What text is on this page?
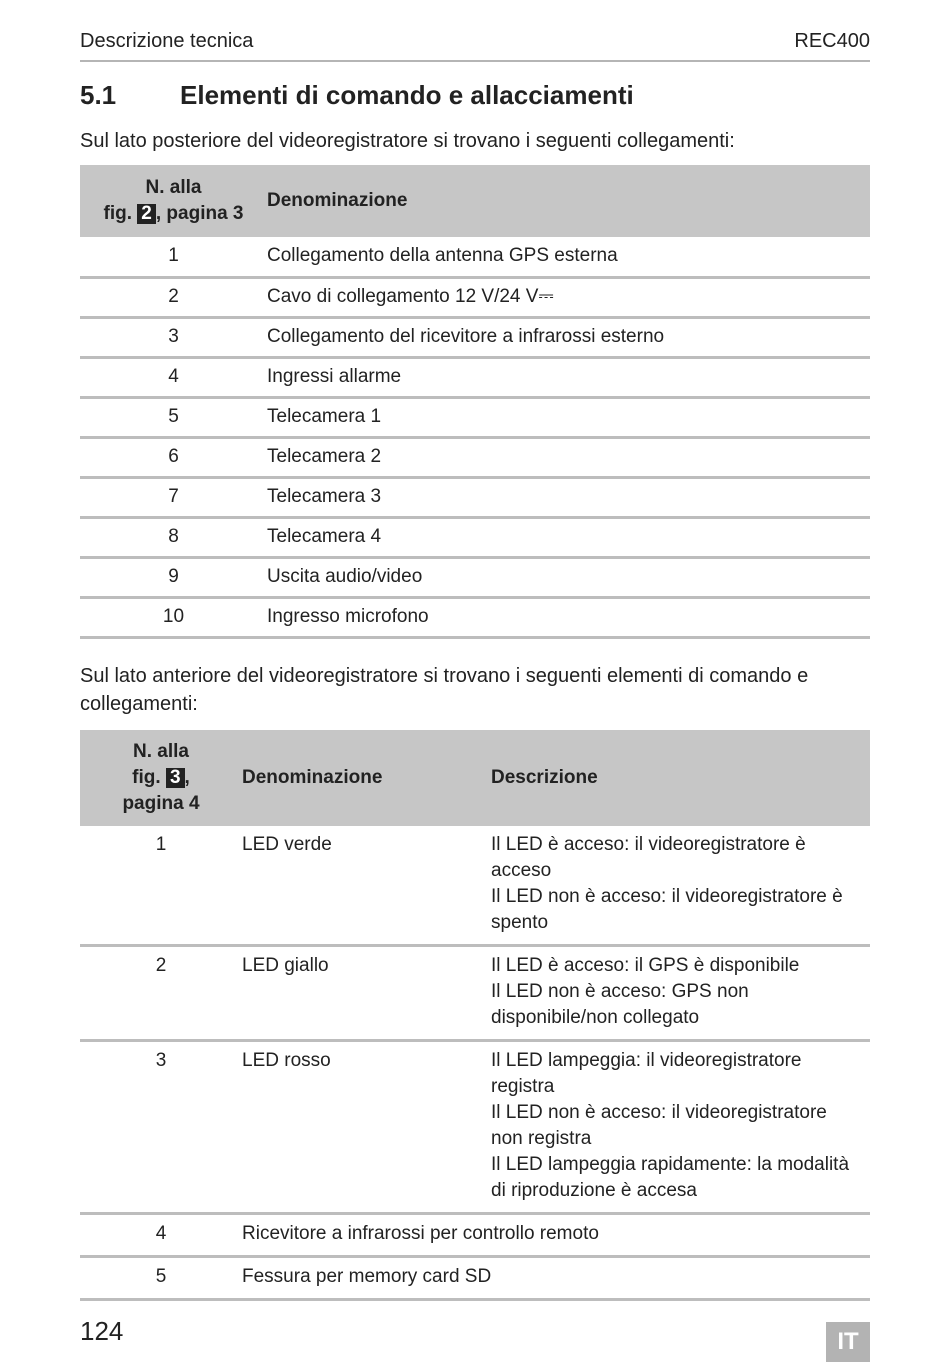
Descrizione tecnica	REC400
5.1 Elementi di comando e allacciamenti
Sul lato posteriore del videoregistratore si trovano i seguenti collegamenti:
N. alla
fig. 2 , pagina 3	Denominazione
1	Collegamento della antenna GPS esterna
2	Cavo di collegamento 12 V/24 V⎓
3	Collegamento del ricevitore a infrarossi esterno
4	Ingressi allarme
5	Telecamera 1
6	Telecamera 2
7	Telecamera 3
8	Telecamera 4
9	Uscita audio/video
10	Ingresso microfono
Sul lato anteriore del videoregistratore si trovano i seguenti elementi di comando e collegamenti:
N. alla
fig. 3 ,
pagina 4	Denominazione	Descrizione
1	LED verde	Il LED è acceso: il videoregistratore è acceso
Il LED non è acceso: il videoregistratore è spento

2	LED giallo	Il LED è acceso: il GPS è disponibile
Il LED non è acceso: GPS non disponibile/non collegato

3	LED rosso	Il LED lampeggia: il videoregistratore registra
Il LED non è acceso: il videoregistratore non registra
Il LED lampeggia rapidamente: la modalità di riproduzione è accesa

4	Ricevitore a infrarossi per controllo remoto	
5	Fessura per memory card SD	
124	IT
